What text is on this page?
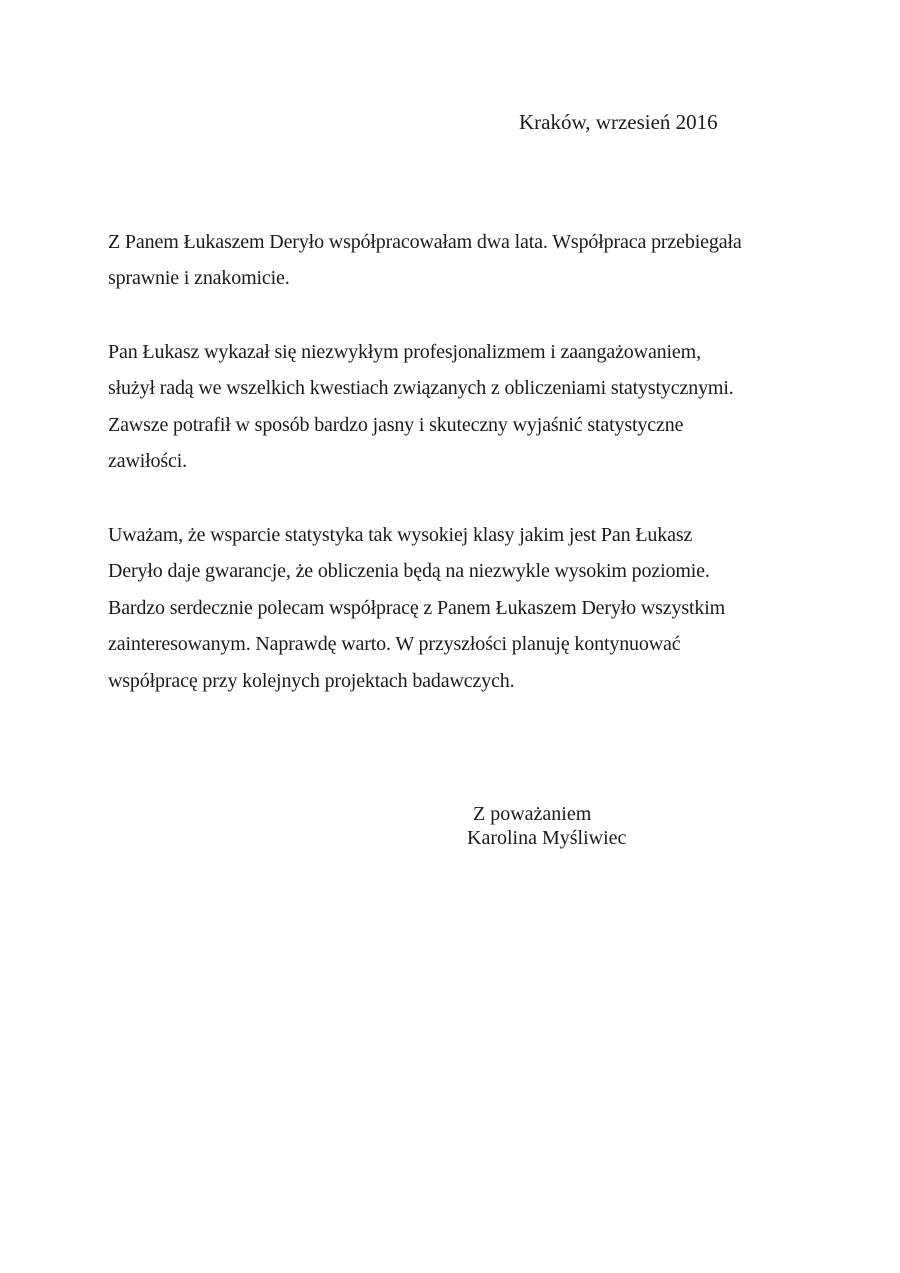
Kraków, wrzesień 2016

Z Panem Łukaszem Deryło współpracowałam dwa lata. Współpraca przebiegała
sprawnie i znakomicie.

Pan Łukasz wykazał się niezwykłym profesjonalizmem i zaangażowaniem,
służył radą we wszelkich kwestiach związanych z obliczeniami statystycznymi.
Zawsze potrafił w sposób bardzo jasny i skuteczny wyjaśnić statystyczne
zawiłości.

Uważam, że wsparcie statystyka tak wysokiej klasy jakim jest Pan Łukasz
Deryło daje gwarancje, że obliczenia będą na niezwykle wysokim poziomie.
Bardzo serdecznie polecam współpracę z Panem Łukaszem Deryło wszystkim
zainteresowanym. Naprawdę warto. W przyszłości planuję kontynuować
współpracę przy kolejnych projektach badawczych.

Z poważaniem
Karolina Myśliwiec
